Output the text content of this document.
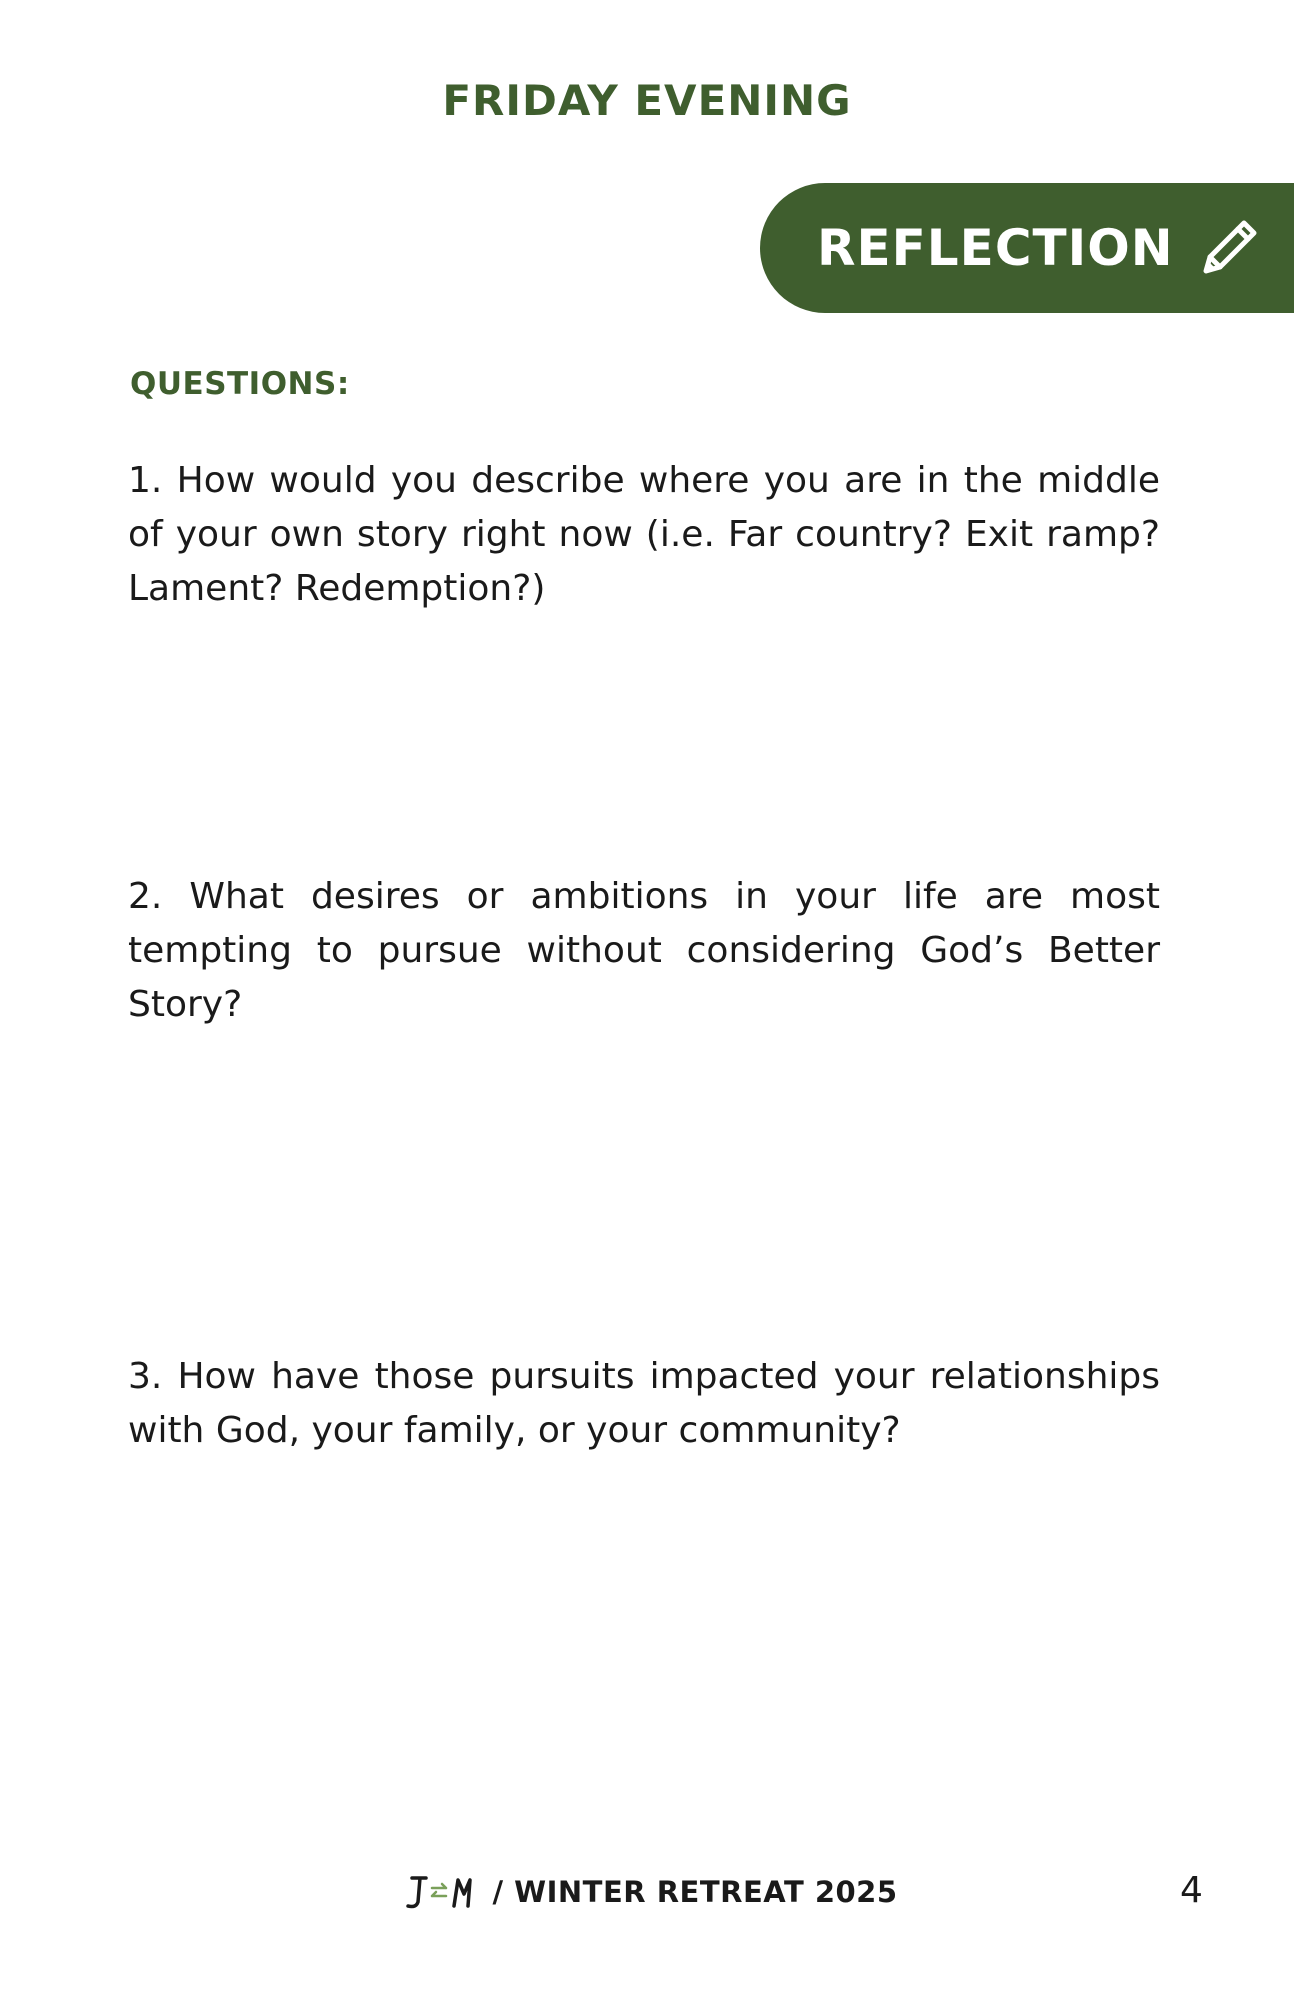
FRIDAY EVENING
REFLECTION
QUESTIONS:

1. How would you describe where you are in the middle of your own story right now (i.e. Far country? Exit ramp? Lament? Redemption?)

2. What desires or ambitions in your life are most tempting to pursue without considering God’s Better Story?

3. How have those pursuits impacted your relationships with God, your family, or your community?

/ WINTER RETREAT 2025	4
